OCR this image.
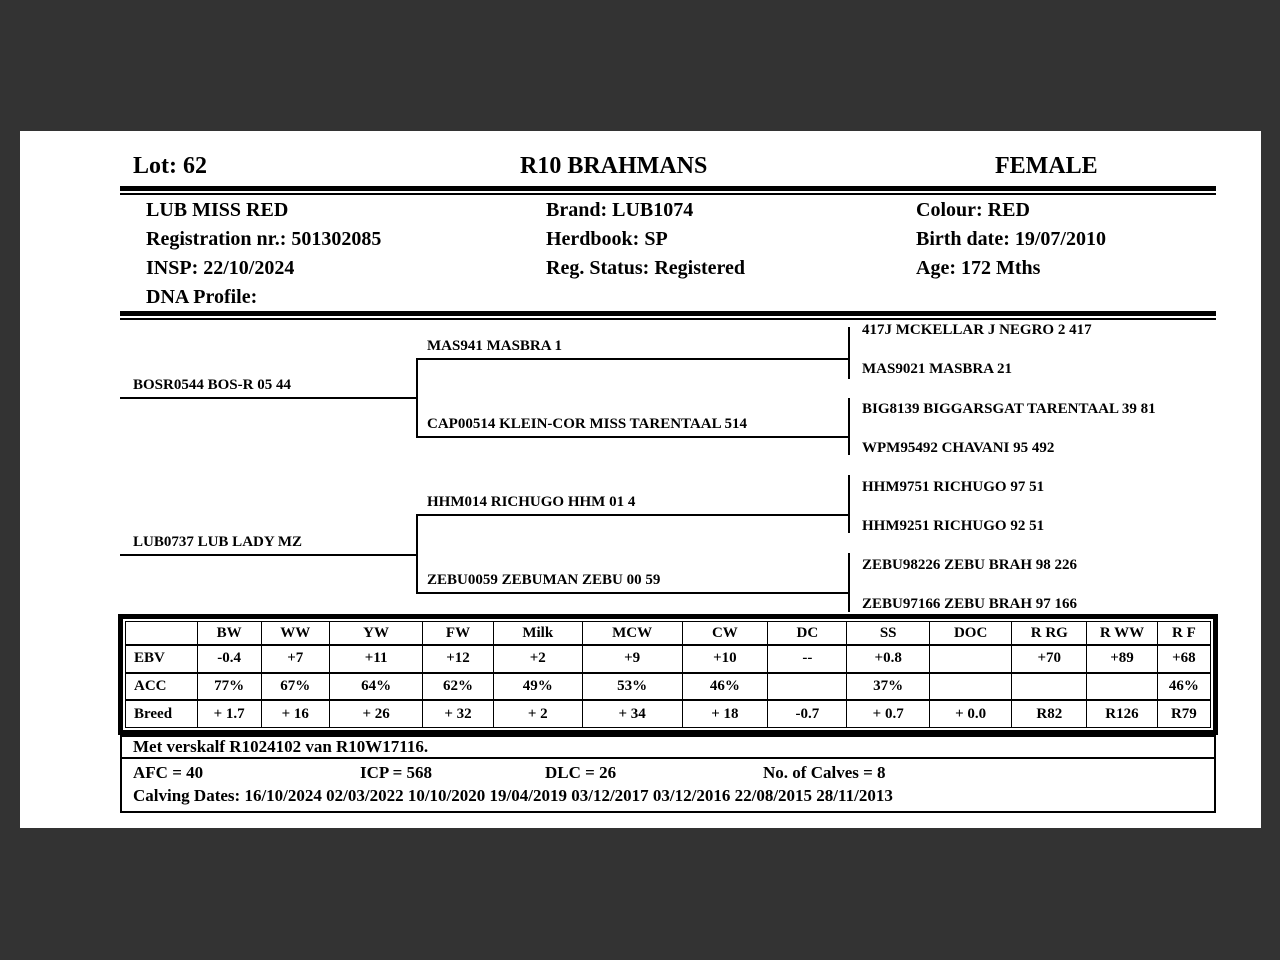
Lot: 62	R10 BRAHMANS	FEMALE
LUB MISS RED
Registration nr.: 501302085
INSP: 22/10/2024
DNA Profile:
Brand: LUB1074
Herdbook: SP
Reg. Status: Registered
Colour: RED
Birth date: 19/07/2010
Age: 172 Mths
BOSR0544 BOS-R 05 44
LUB0737 LUB LADY MZ
MAS941 MASBRA 1
CAP00514 KLEIN-COR MISS TARENTAAL 514
HHM014 RICHUGO HHM 01 4
ZEBU0059 ZEBUMAN ZEBU 00 59
417J MCKELLAR J NEGRO 2 417
MAS9021 MASBRA 21
BIG8139 BIGGARSGAT TARENTAAL 39 81
WPM95492 CHAVANI 95 492
HHM9751 RICHUGO 97 51
HHM9251 RICHUGO 92 51
ZEBU98226 ZEBU BRAH 98 226
ZEBU97166 ZEBU BRAH 97 166
	BW	WW	YW	FW	Milk	MCW	CW	DC	SS	DOC	R RG	R WW	R F
EBV	-0.4	+7	+11	+12	+2	+9	+10	--	+0.8		+70	+89	+68
ACC	77%	67%	64%	62%	49%	53%	46%		37%				46%
Breed	+ 1.7	+ 16	+ 26	+ 32	+ 2	+ 34	+ 18	-0.7	+ 0.7	+ 0.0	R82	R126	R79
Met verskalf R1024102 van R10W17116.
AFC = 40	ICP = 568	DLC = 26	No. of Calves = 8
Calving Dates: 16/10/2024 02/03/2022 10/10/2020 19/04/2019 03/12/2017 03/12/2016 22/08/2015 28/11/2013
